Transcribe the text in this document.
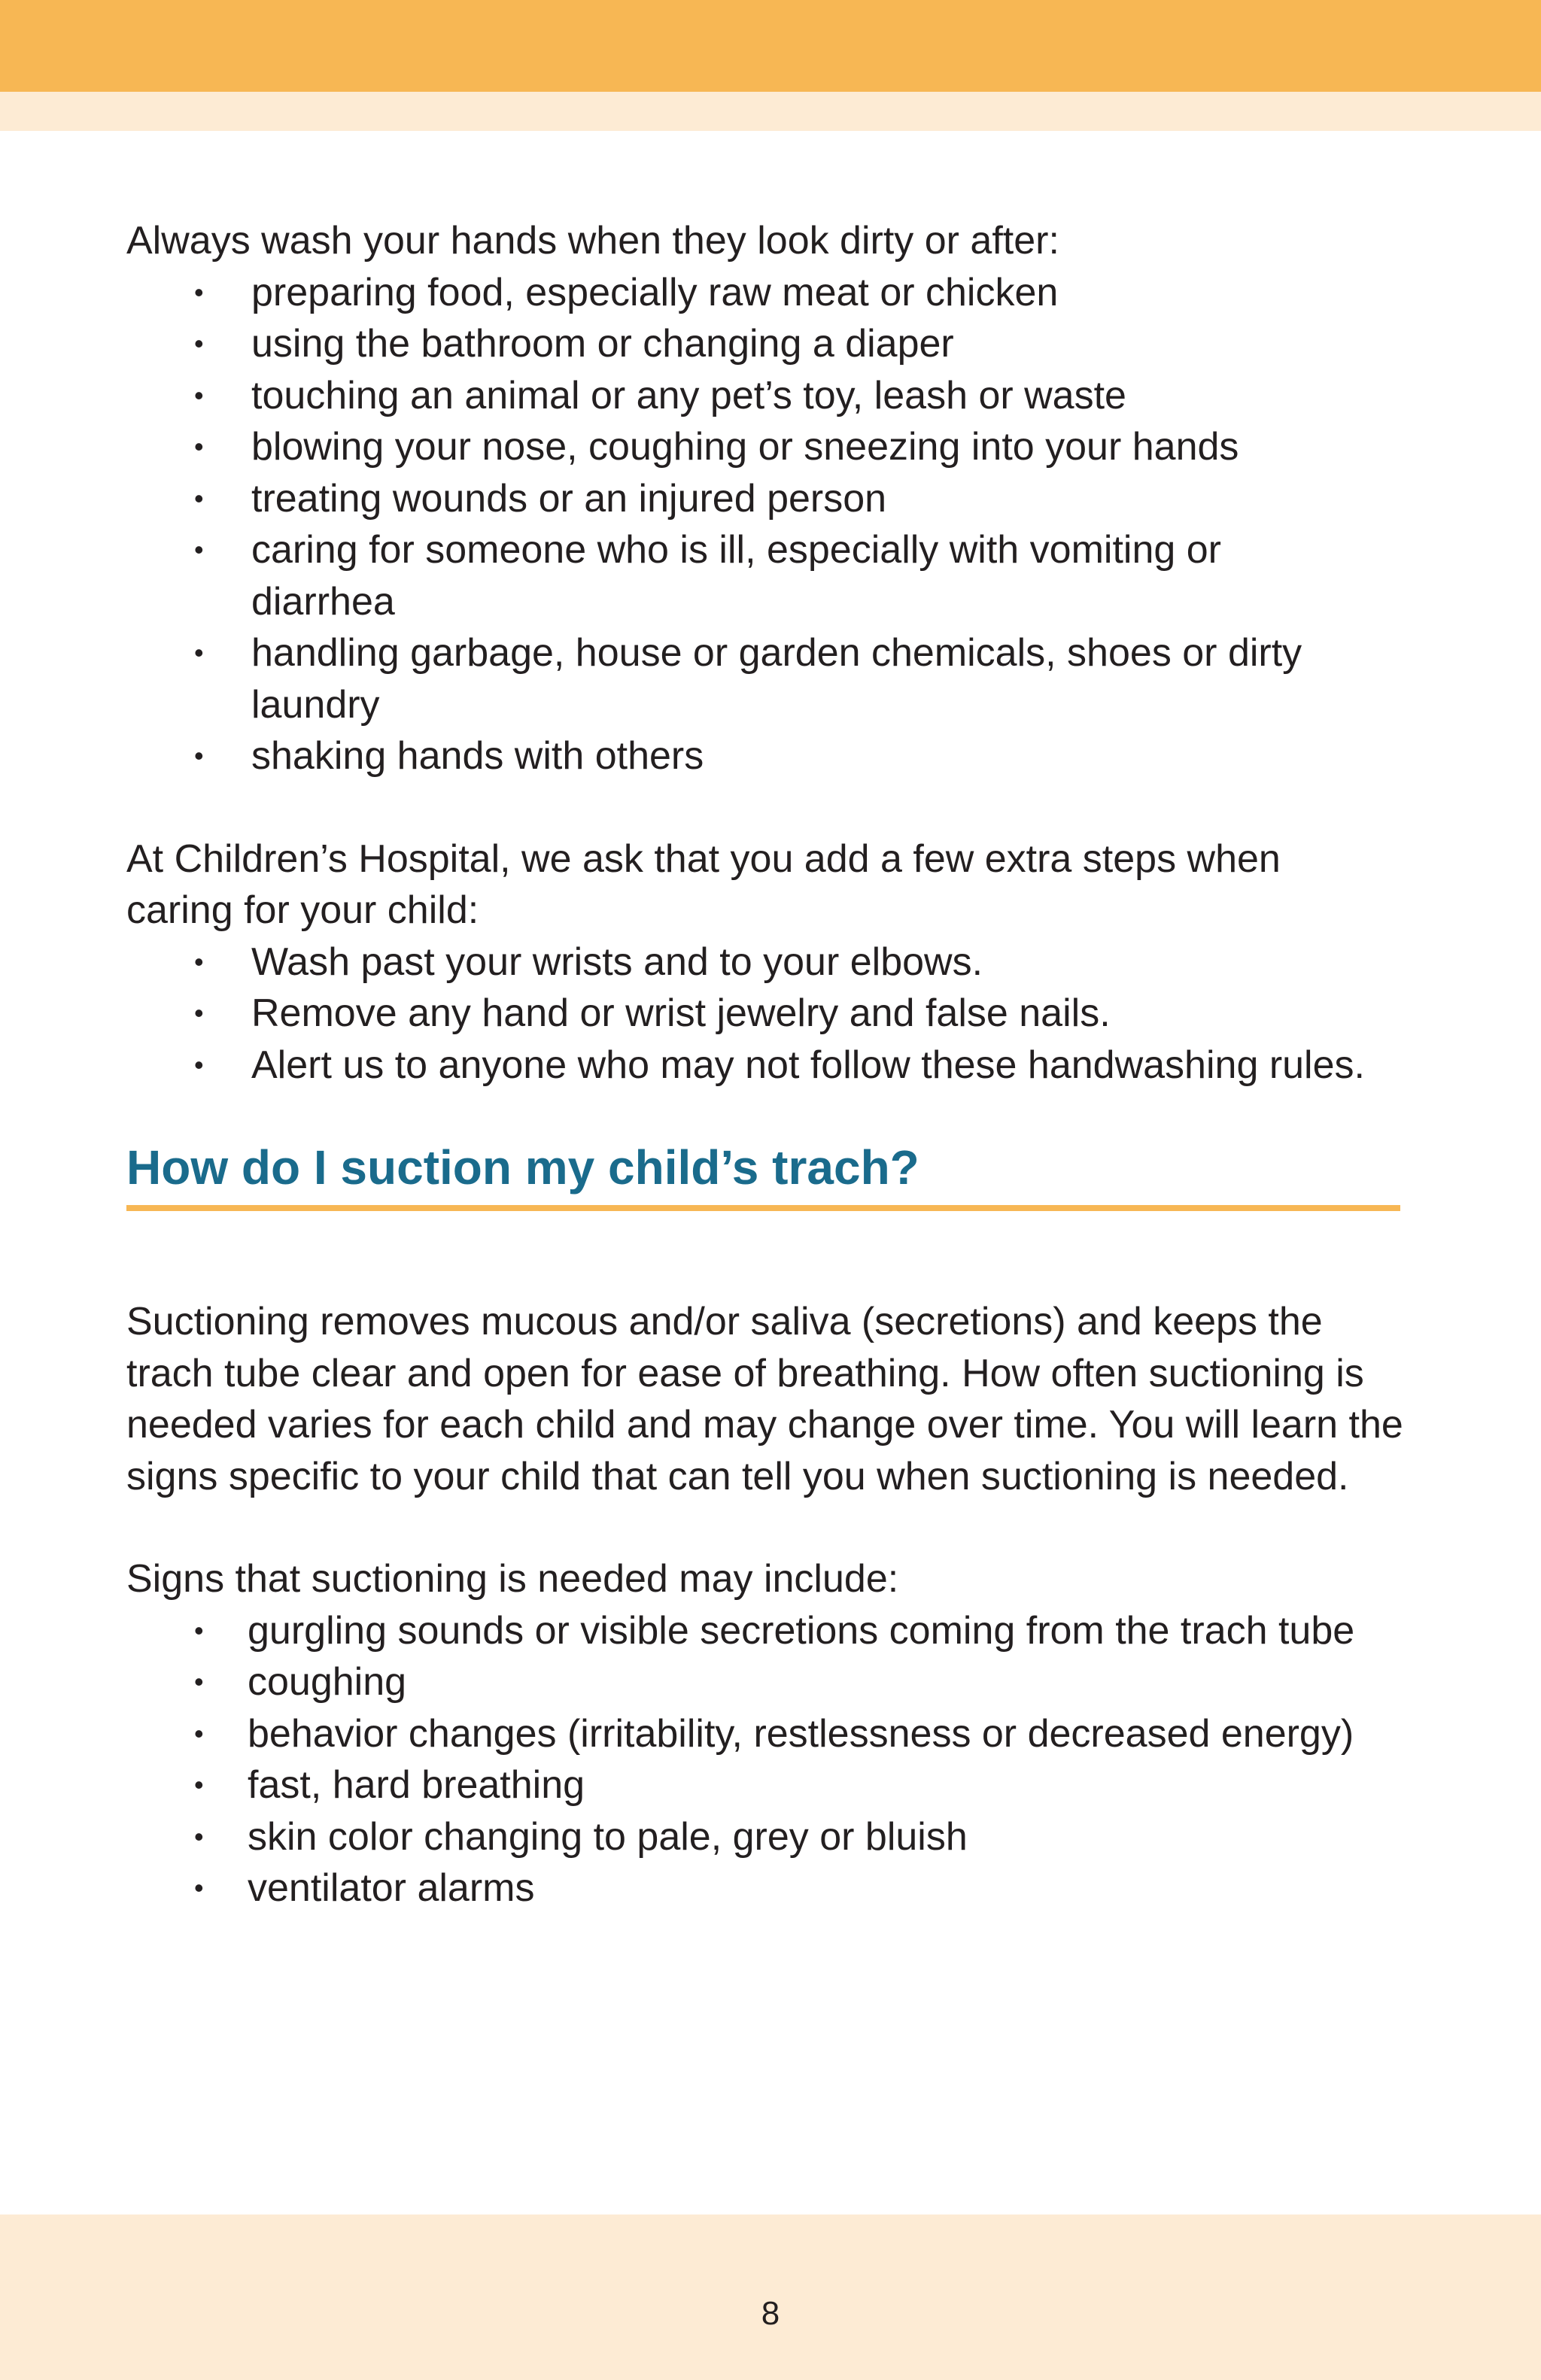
Always wash your hands when they look dirty or after:

• preparing food, especially raw meat or chicken
• using the bathroom or changing a diaper
• touching an animal or any pet’s toy, leash or waste
• blowing your nose, coughing or sneezing into your hands
• treating wounds or an injured person
• caring for someone who is ill, especially with vomiting or diarrhea
• handling garbage, house or garden chemicals, shoes or dirty laundry
• shaking hands with others

At Children’s Hospital, we ask that you add a few extra steps when caring for your child:

• Wash past your wrists and to your elbows.
• Remove any hand or wrist jewelry and false nails.
• Alert us to anyone who may not follow these handwashing rules.
How do I suction my child’s trach?

Suctioning removes mucous and/or saliva (secretions) and keeps the trach tube clear and open for ease of breathing. How often suctioning is needed varies for each child and may change over time. You will learn the signs specific to your child that can tell you when suctioning is needed.

Signs that suctioning is needed may include:

• gurgling sounds or visible secretions coming from the trach tube
• coughing
• behavior changes (irritability, restlessness or decreased energy)
• fast, hard breathing
• skin color changing to pale, grey or bluish
• ventilator alarms
8
